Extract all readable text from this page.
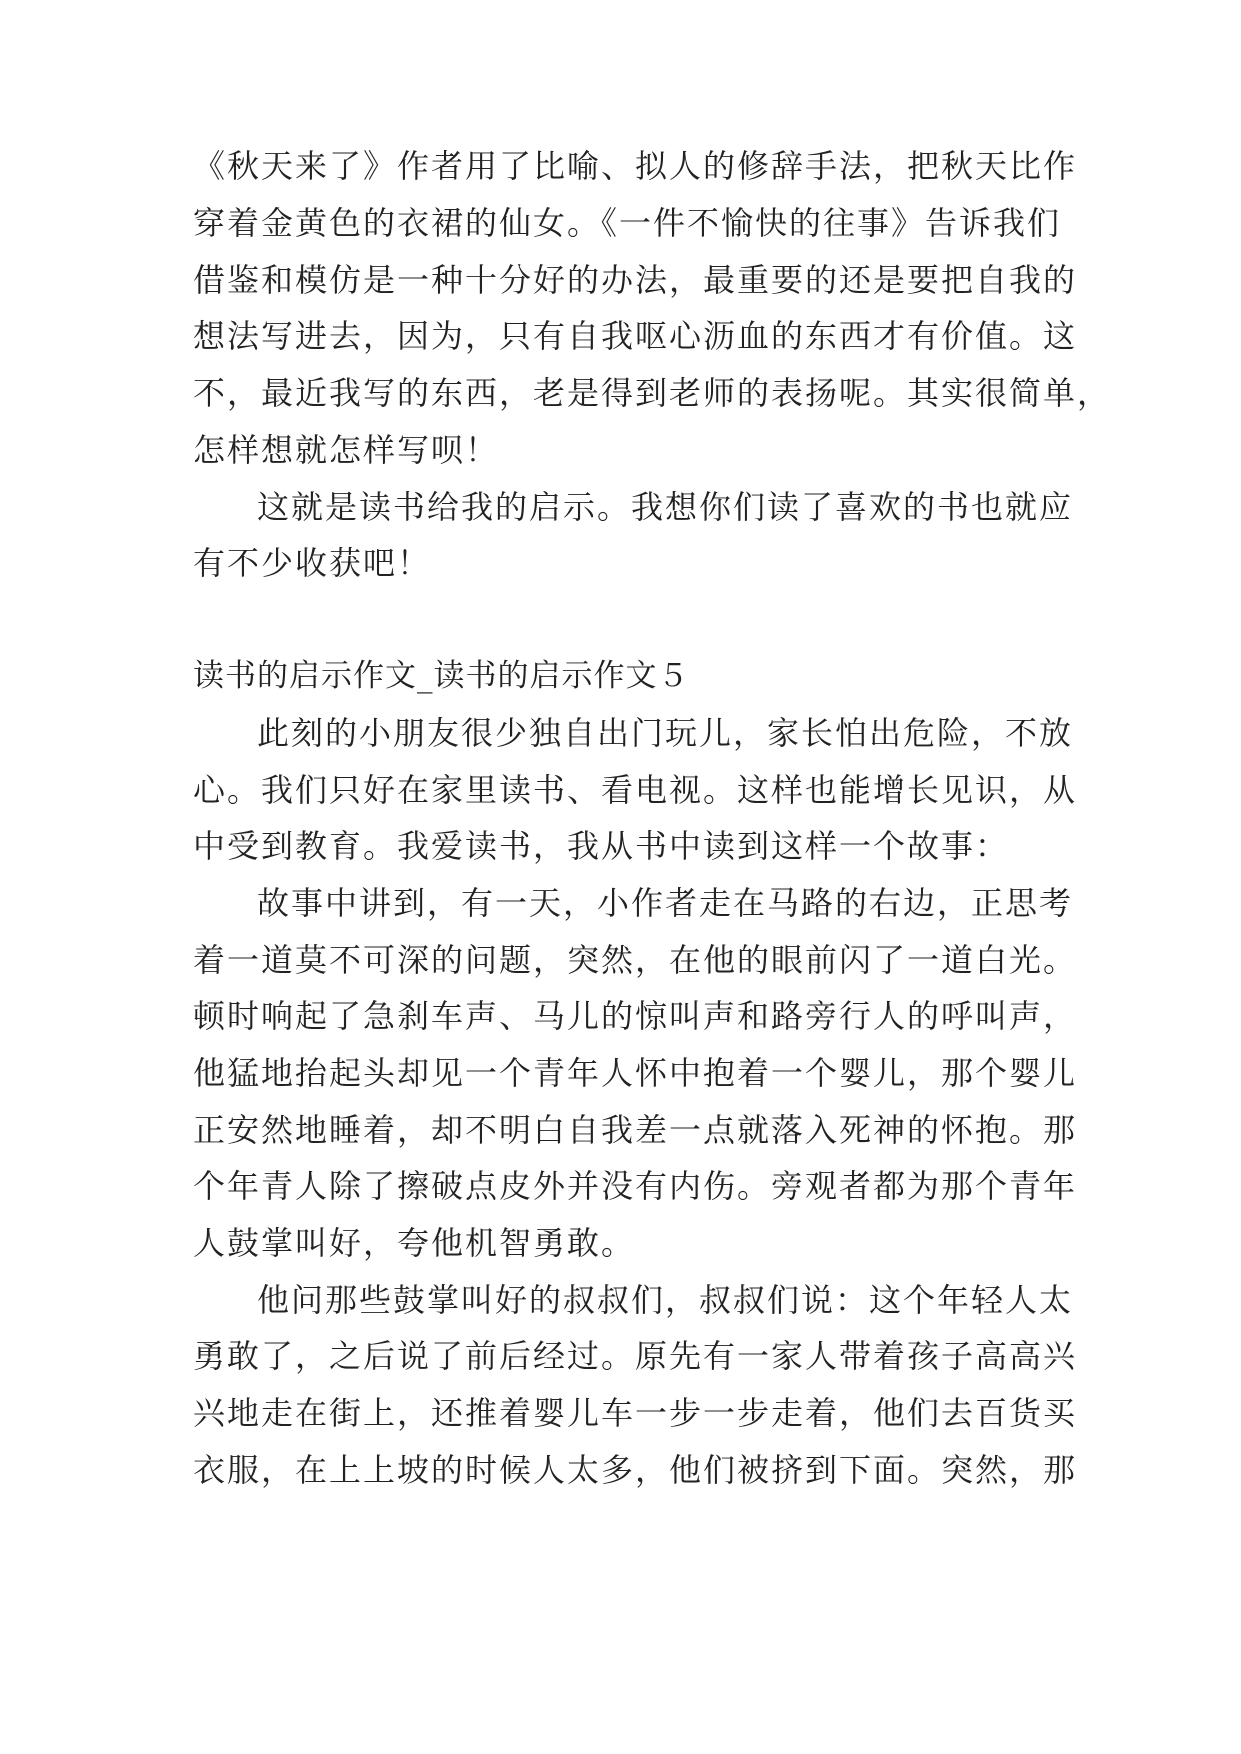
《秋天来了》作者用了比喻、拟人的修辞手法，把秋天比作

穿着金黄色的衣裙的仙女。《一件不愉快的往事》告诉我们

借鉴和模仿是一种十分好的办法，最重要的还是要把自我的

想法写进去，因为，只有自我呕心沥血的东西才有价值。这

不，最近我写的东西，老是得到老师的表扬呢。其实很简单，

怎样想就怎样写呗！

这就是读书给我的启示。我想你们读了喜欢的书也就应

有不少收获吧！

读书的启示作文_读书的启示作文５

此刻的小朋友很少独自出门玩儿，家长怕出危险，不放

心。我们只好在家里读书、看电视。这样也能增长见识，从

中受到教育。我爱读书，我从书中读到这样一个故事：

故事中讲到，有一天，小作者走在马路的右边，正思考

着一道莫不可深的问题，突然，在他的眼前闪了一道白光。

顿时响起了急刹车声、马儿的惊叫声和路旁行人的呼叫声，

他猛地抬起头却见一个青年人怀中抱着一个婴儿，那个婴儿

正安然地睡着，却不明白自我差一点就落入死神的怀抱。那

个年青人除了擦破点皮外并没有内伤。旁观者都为那个青年

人鼓掌叫好，夸他机智勇敢。

他问那些鼓掌叫好的叔叔们，叔叔们说：这个年轻人太

勇敢了，之后说了前后经过。原先有一家人带着孩子高高兴

兴地走在街上，还推着婴儿车一步一步走着，他们去百货买

衣服，在上上坡的时候人太多，他们被挤到下面。突然，那
